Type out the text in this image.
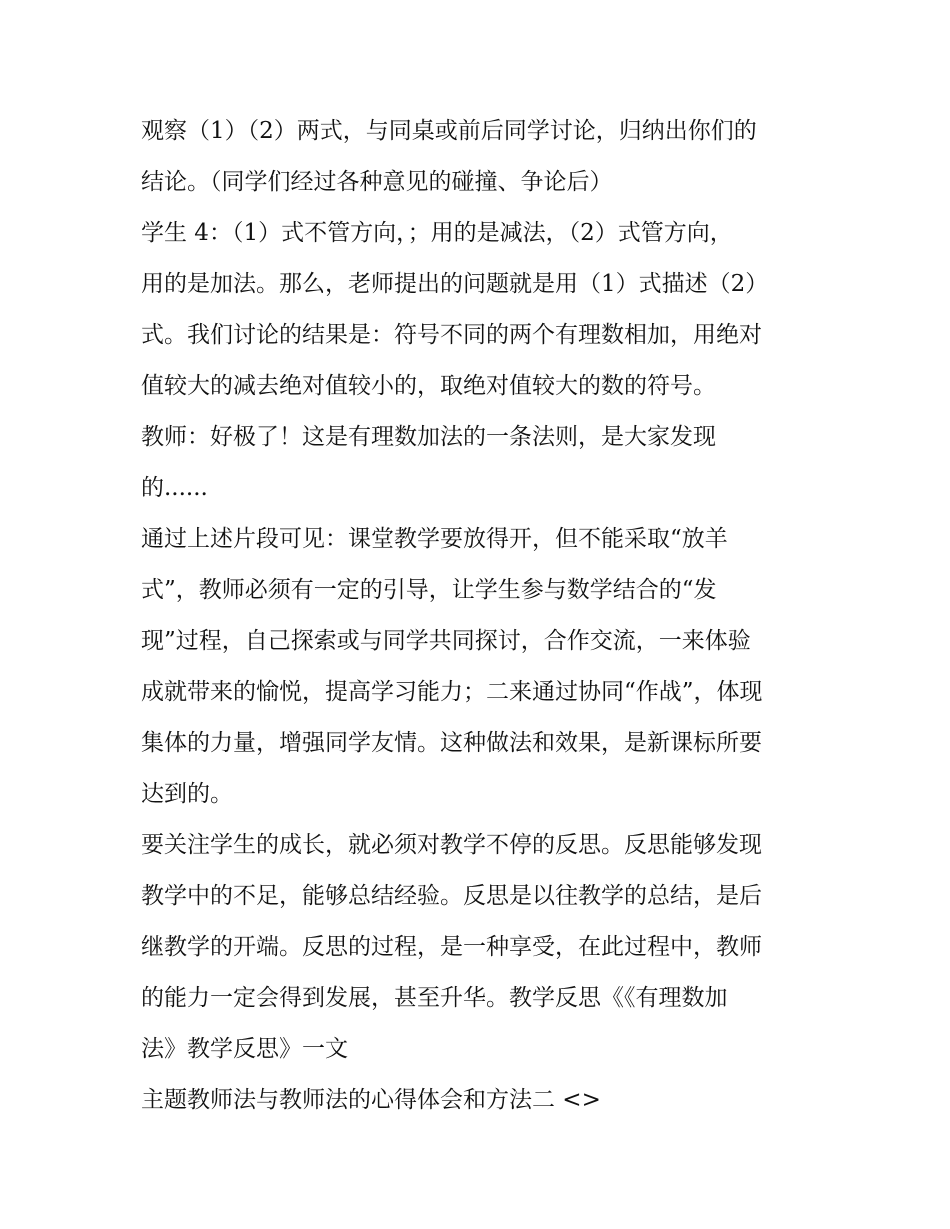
观察（1）（2）两式，与同桌或前后同学讨论，归纳出你们的
结论。（同学们经过各种意见的碰撞、争论后）
学生 4：（1）式不管方向，；用的是减法，（2）式管方向，
用的是加法。那么，老师提出的问题就是用（1）式描述（2）
式。我们讨论的结果是：符号不同的两个有理数相加，用绝对
值较大的减去绝对值较小的，取绝对值较大的数的符号。
教师：好极了！这是有理数加法的一条法则，是大家发现
的......
通过上述片段可见：课堂教学要放得开，但不能采取“放羊
式”，教师必须有一定的引导，让学生参与数学结合的“发
现”过程，自己探索或与同学共同探讨，合作交流，一来体验
成就带来的愉悦，提高学习能力；二来通过协同“作战”，体现
集体的力量，增强同学友情。这种做法和效果，是新课标所要
达到的。
要关注学生的成长，就必须对教学不停的反思。反思能够发现
教学中的不足，能够总结经验。反思是以往教学的总结，是后
继教学的开端。反思的过程，是一种享受，在此过程中，教师
的能力一定会得到发展，甚至升华。教学反思《《有理数加
法》教学反思》一文
主题教师法与教师法的心得体会和方法二 <>
